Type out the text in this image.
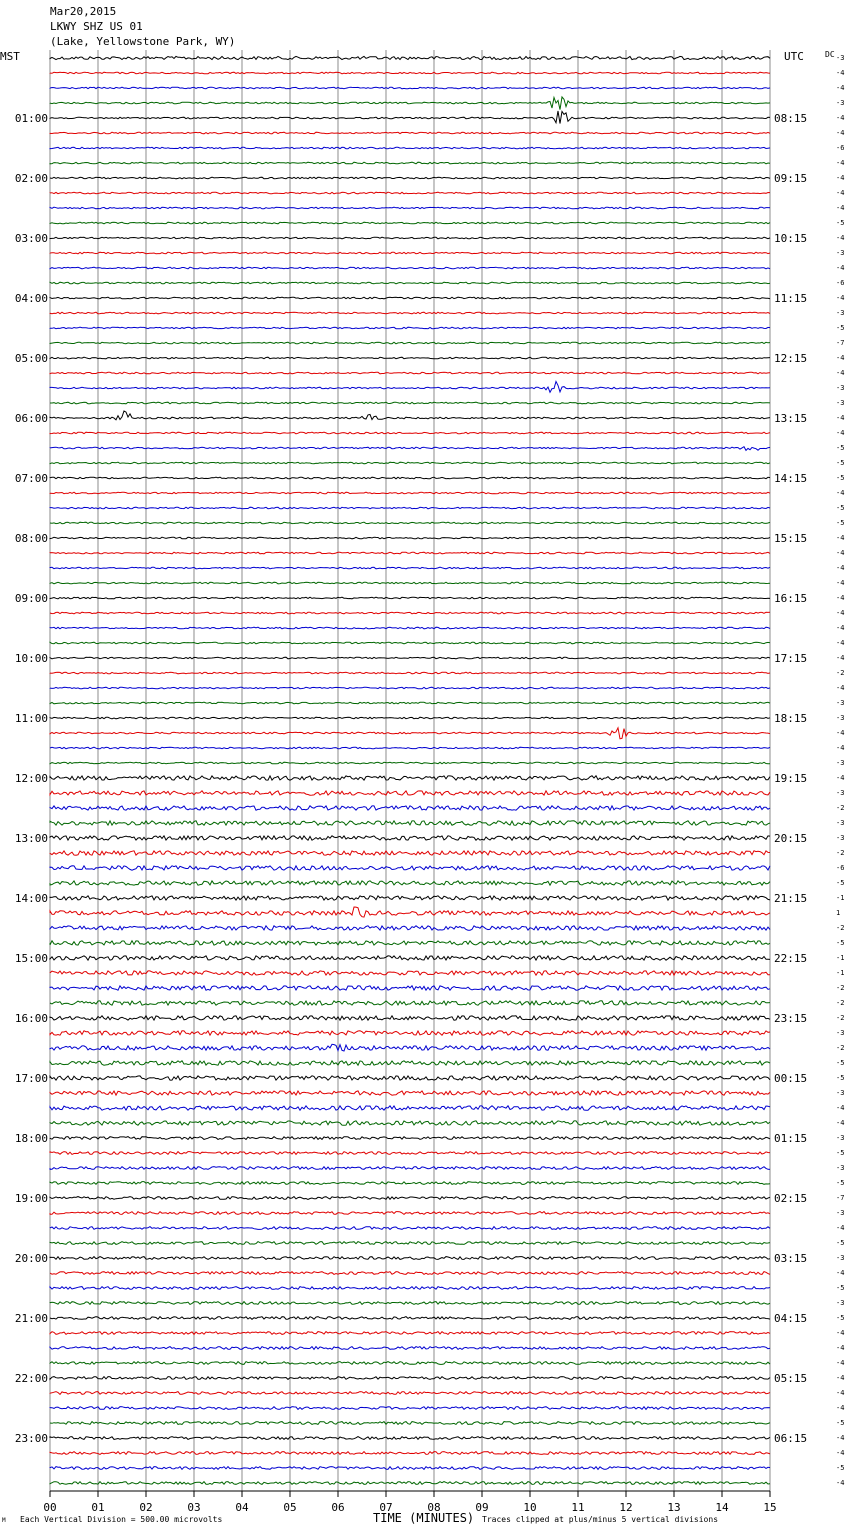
Mar20,2015
LKWY SHZ US 01
(Lake, Yellowstone Park, WY)
MST	UTC	DC
00	01	02	03	04	05	06	07	08	09	10	11	12	13	14	15
-3
-4
-4
-3
-4
-4
-6
-4
-4
-4
-4
-5
-4
-3
-4
-6
-4
-3
-5
-7
-4
-4
-3
-3
-4
-4
-5
-5
-5
-4
-5
-5
-4
-4
-4
-4
-4
-4
-4
-4
-4
-2
-4
-3
-3
-4
-4
-3
-4
-3
-2
-3
-3
-2
-6
-5
-1
1
-2
-5
-1
-1
-2
-2
-2
-3
-2
-5
-5
-3
-4
-4
-3
-5
-3
-5
-7
-3
-4
-5
-3
-4
-5
-3
-5
-4
-4
-4
-4
-4
-4
-5
-4
-4
-5
-4
01:00
02:00
03:00
04:00
05:00
06:00
07:00
08:00
09:00
10:00
11:00
12:00
13:00
14:00
15:00
16:00
17:00
18:00
19:00
20:00
21:00
22:00
23:00
08:15
09:15
10:15
11:15
12:15
13:15
14:15
15:15
16:15
17:15
18:15
19:15
20:15
21:15
22:15
23:15
00:15
01:15
02:15
03:15
04:15
05:15
06:15
M Each Vertical Division = 500.00 microvolts	TIME (MINUTES) Traces clipped at plus/minus 5 vertical divisions
